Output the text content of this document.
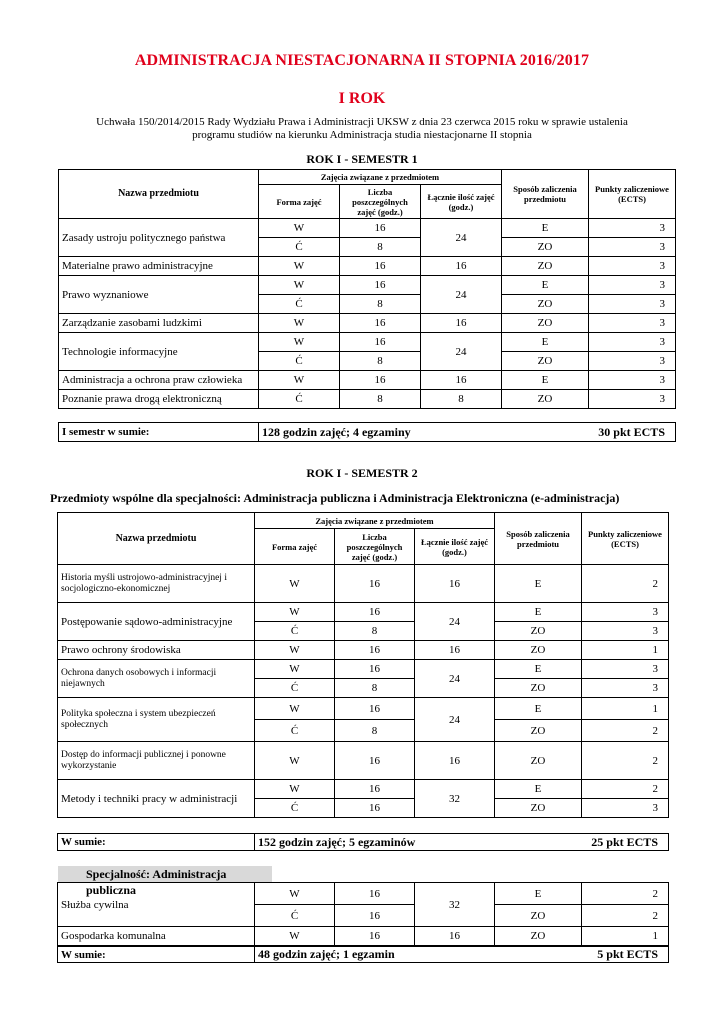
ADMINISTRACJA NIESTACJONARNA II STOPNIA 2016/2017
I ROK
Uchwała 150/2014/2015 Rady Wydziału Prawa i Administracji UKSW z dnia 23 czerwca 2015 roku w sprawie ustalenia programu studiów na kierunku Administracja studia niestacjonarne II stopnia
ROK I - SEMESTR 1
Nazwa przedmiotu	Zajęcia związane z przedmiotem			Sposób zaliczenia przedmiotu	Punkty zaliczeniowe (ECTS)
	Forma zajęć	Liczba poszczególnych zajęć (godz.)	Łącznie ilość zajęć (godz.)		
Zasady ustroju politycznego państwa	W	16	24	E	3
	Ć	8		ZO	3
Materialne prawo administracyjne	W	16	16	ZO	3
Prawo wyznaniowe	W	16	24	E	3
	Ć	8		ZO	3
Zarządzanie zasobami ludzkimi	W	16	16	ZO	3
Technologie informacyjne	W	16	24	E	3
	Ć	8		ZO	3
Administracja a ochrona praw człowieka	W	16	16	E	3
Poznanie prawa drogą elektroniczną	Ć	8	8	ZO	3
I semestr w sumie:	128 godzin zajęć; 4 egzaminy	30 pkt ECTS
ROK I - SEMESTR 2
Przedmioty wspólne dla specjalności: Administracja publiczna i Administracja Elektroniczna (e-administracja)
Nazwa przedmiotu	Zajęcia związane z przedmiotem			Sposób zaliczenia przedmiotu	Punkty zaliczeniowe (ECTS)
	Forma zajęć	Liczba poszczególnych zajęć (godz.)	Łącznie ilość zajęć (godz.)		
Historia myśli ustrojowo-administracyjnej i socjologiczno-ekonomicznej	W	16	16	E	2
Postępowanie sądowo-administracyjne	W	16	24	E	3
	Ć	8		ZO	3
Prawo ochrony środowiska	W	16	16	ZO	1
Ochrona danych osobowych i informacji niejawnych	W	16	24	E	3
	Ć	8		ZO	3
Polityka społeczna i system ubezpieczeń społecznych	W	16	24	E	1
	Ć	8		ZO	2
Dostęp do informacji publicznej i ponowne wykorzystanie	W	16	16	ZO	2
Metody i techniki pracy w administracji	W	16	32	E	2
	Ć	16		ZO	3
W sumie:	152 godzin zajęć; 5 egzaminów	25 pkt ECTS
Specjalność: Administracja publiczna
Służba cywilna	W	16	32	E	2
	Ć	16		ZO	2
Gospodarka komunalna	W	16	16	ZO	1
W sumie:	48 godzin zajęć; 1 egzamin	5 pkt ECTS
